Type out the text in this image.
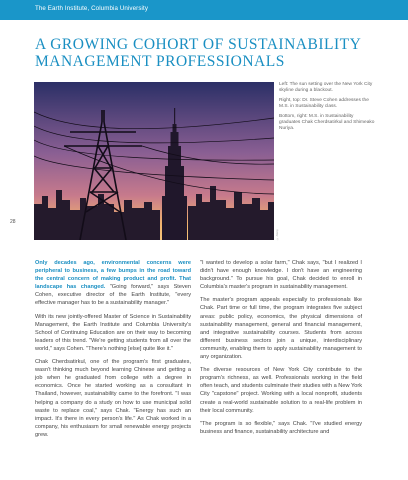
The Earth Institute, Columbia University
A GROWING COHORT OF SUSTAINABILITY
MANAGEMENT PROFESSIONALS
© Alamy

Left: The sun setting over the New York City skyline during a blackout.

Right, top: Dr. Steve Cohen addresses the M.S. in Sustainability class.

Bottom, right: M.S. in Sustainability graduates Chak Cherdsatirkul and Shimeako Nuriya.

28

Only decades ago, environmental concerns were peripheral to business, a few bumps in the road toward the central concern of making product and profit. That landscape has changed. "Going forward," says Steven Cohen, executive director of the Earth Institute, "every effective manager has to be a sustainability manager."

With its new jointly-offered Master of Science in Sustainability Management, the Earth Institute and Columbia University's School of Continuing Education are on their way to becoming leaders of this trend. "We're getting students from all over the world," says Cohen. "There's nothing [else] quite like it."

Chak Cherdsatirkul, one of the program's first graduates, wasn't thinking much beyond learning Chinese and getting a job when he graduated from college with a degree in economics. Once he started working as a consultant in Thailand, however, sustainability came to the forefront. "I was helping a company do a study on how to use municipal solid waste to replace coal," says Chak. "Energy has such an impact. It's there in every person's life." As Chak worked in a company, his enthusiasm for small renewable energy projects grew.

"I wanted to develop a solar farm," Chak says, "but I realized I didn't have enough knowledge. I don't have an engineering background." To pursue his goal, Chak decided to enroll in Columbia's master's program in sustainability management.

The master's program appeals especially to professionals like Chak. Part time or full time, the program integrates five subject areas: public policy, economics, the physical dimensions of sustainability management, general and financial management, and integrative sustainability courses. Students from across different business sectors join a unique, interdisciplinary community, enabling them to apply sustainability management to any organization.

The diverse resources of New York City contribute to the program's richness, as well. Professionals working in the field often teach, and students culminate their studies with a New York City "capstone" project. Working with a local nonprofit, students create a real-world sustainable solution to a real-life problem in their local community.

"The program is so flexible," says Chak. "I've studied energy business and finance, sustainability architecture and
